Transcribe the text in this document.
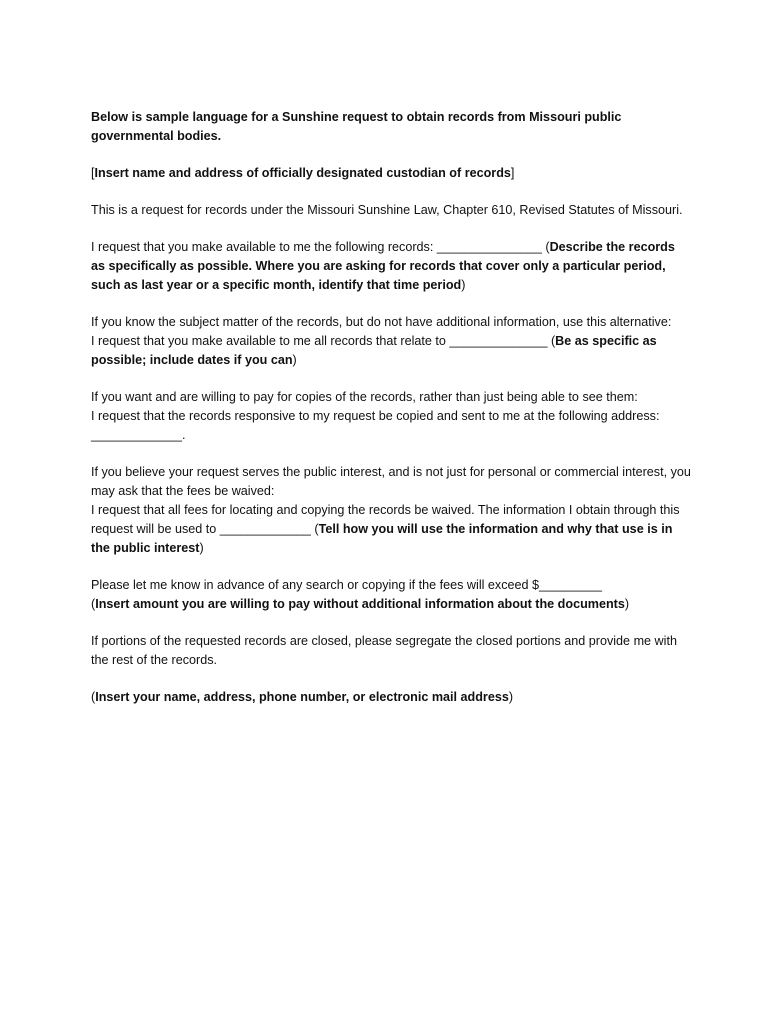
Below is sample language for a Sunshine request to obtain records from Missouri public governmental bodies.

[Insert name and address of officially designated custodian of records]

This is a request for records under the Missouri Sunshine Law, Chapter 610, Revised Statutes of Missouri.

I request that you make available to me the following records: _______________ (Describe the records as specifically as possible. Where you are asking for records that cover only a particular period, such as last year or a specific month, identify that time period)

If you know the subject matter of the records, but do not have additional information, use this alternative:
I request that you make available to me all records that relate to ______________ (Be as specific as possible; include dates if you can)

If you want and are willing to pay for copies of the records, rather than just being able to see them:
I request that the records responsive to my request be copied and sent to me at the following address: _____________.

If you believe your request serves the public interest, and is not just for personal or commercial interest, you may ask that the fees be waived:
I request that all fees for locating and copying the records be waived. The information I obtain through this request will be used to _____________ (Tell how you will use the information and why that use is in the public interest)

Please let me know in advance of any search or copying if the fees will exceed $_________
(Insert amount you are willing to pay without additional information about the documents)

If portions of the requested records are closed, please segregate the closed portions and provide me with the rest of the records.

(Insert your name, address, phone number, or electronic mail address)
